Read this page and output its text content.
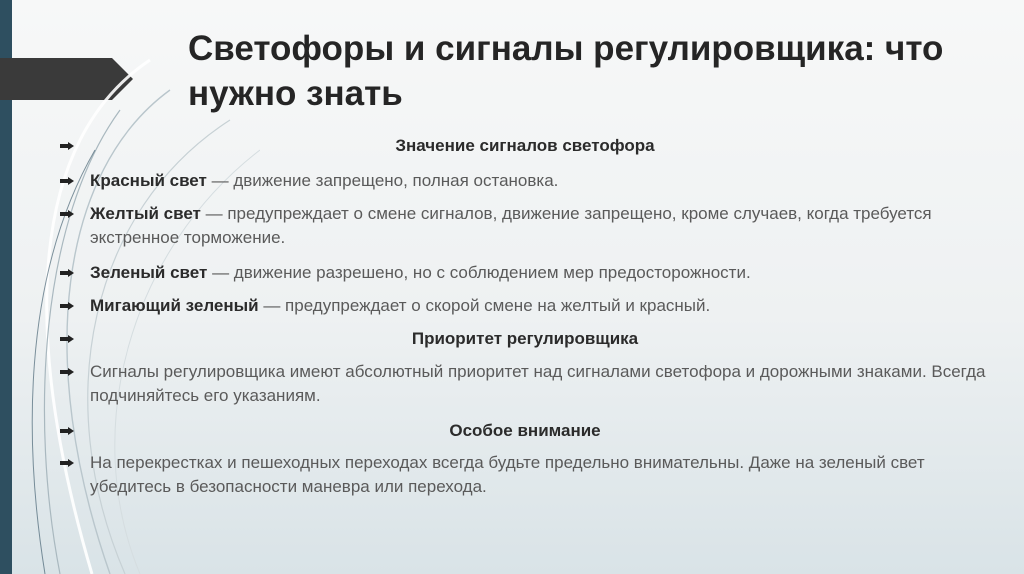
Светофоры и сигналы регулировщика: что нужно знать
Значение сигналов светофора
Красный свет — движение запрещено, полная остановка.
Желтый свет — предупреждает о смене сигналов, движение запрещено, кроме случаев, когда требуется экстренное торможение.
Зеленый свет — движение разрешено, но с соблюдением мер предосторожности.
Мигающий зеленый — предупреждает о скорой смене на желтый и красный.
Приоритет регулировщика
Сигналы регулировщика имеют абсолютный приоритет над сигналами светофора и дорожными знаками. Всегда подчиняйтесь его указаниям.
Особое внимание
На перекрестках и пешеходных переходах всегда будьте предельно внимательны. Даже на зеленый свет убедитесь в безопасности маневра или перехода.
